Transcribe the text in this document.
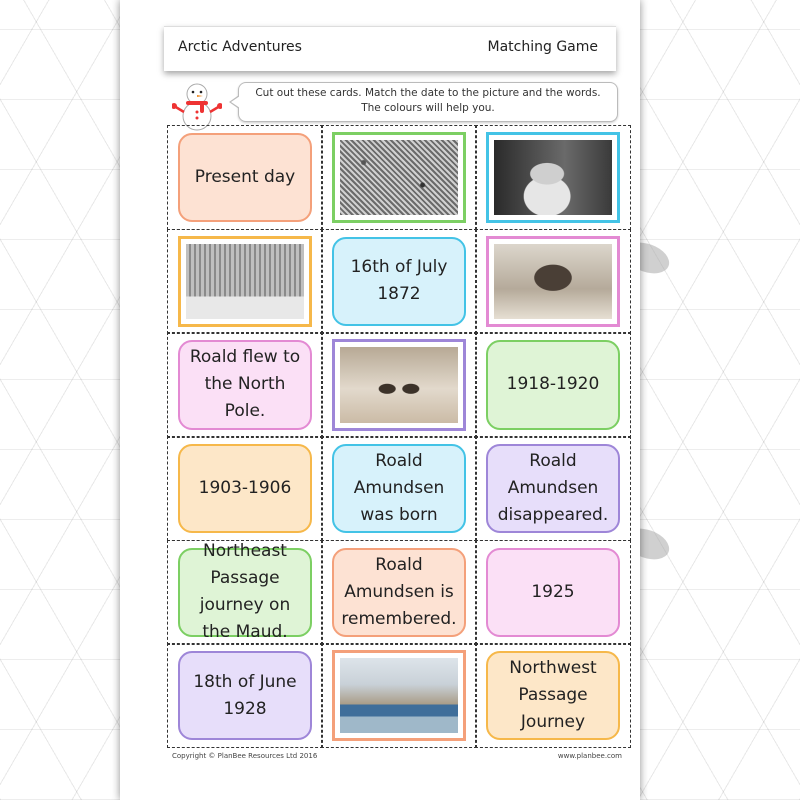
Arctic Adventures	Matching Game
Cut out these cards. Match the date to the picture and the words.
The colours will help you.
Present day
16th of July 1872
Roald flew to the North Pole.
1918-1920
1903-1906
Roald Amundsen was born
Roald Amundsen disappeared.
Northeast Passage journey on the Maud.
Roald Amundsen is remembered.
1925
18th of June 1928
Northwest Passage Journey
Copyright © PlanBee Resources Ltd 2016	www.planbee.com
